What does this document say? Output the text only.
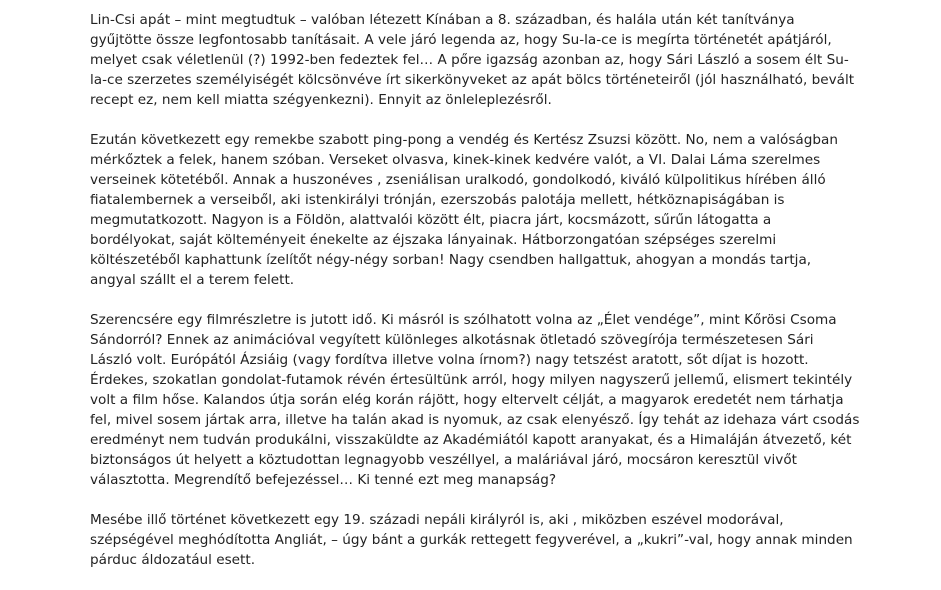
Lin-Csi apát – mint megtudtuk – valóban létezett Kínában a 8. században, és halála után két tanítványa gyűjtötte össze legfontosabb tanításait. A vele járó legenda az, hogy Su-la-ce is megírta történetét apátjáról, melyet csak véletlenül (?) 1992-ben fedeztek fel… A pőre igazság azonban az, hogy Sári László a sosem élt Su-la-ce szerzetes személyiségét kölcsönvéve írt sikerkönyveket az apát bölcs történeteiről (jól használható, bevált recept ez, nem kell miatta szégyenkezni). Ennyit az önleleplezésről.

Ezután következett egy remekbe szabott ping-pong a vendég és Kertész Zsuzsi között. No, nem a valóságban mérkőztek a felek, hanem szóban. Verseket olvasva, kinek-kinek kedvére valót, a VI. Dalai Láma szerelmes verseinek kötetéből. Annak a huszonéves , zseniálisan uralkodó, gondolkodó, kiváló külpolitikus hírében álló fiatalembernek a verseiből, aki istenkirályi trónján, ezerszobás palotája mellett, hétköznapiságában is megmutatkozott. Nagyon is a Földön, alattvalói között élt, piacra járt, kocsmázott, sűrűn látogatta a bordélyokat, saját költeményeit énekelte az éjszaka lányainak. Hátborzongatóan szépséges szerelmi költészetéből kaphattunk ízelítőt négy-négy sorban! Nagy csendben hallgattuk, ahogyan a mondás tartja, angyal szállt el a terem felett.

Szerencsére egy filmrészletre is jutott idő. Ki másról is szólhatott volna az „Élet vendége”, mint Kőrösi Csoma Sándorról? Ennek az animációval vegyített különleges alkotásnak ötletadó szövegírója természetesen Sári László volt. Európától Ázsiáig (vagy fordítva illetve volna írnom?) nagy tetszést aratott, sőt díjat is hozott. Érdekes, szokatlan gondolat-futamok révén értesültünk arról, hogy milyen nagyszerű jellemű, elismert tekintély volt a film hőse. Kalandos útja során elég korán rájött, hogy eltervelt célját, a magyarok eredetét nem tárhatja fel, mivel sosem jártak arra, illetve ha talán akad is nyomuk, az csak elenyésző. Így tehát az idehaza várt csodás eredményt nem tudván produkálni, visszaküldte az Akadémiától kapott aranyakat, és a Himaláján átvezető, két biztonságos út helyett a köztudottan legnagyobb veszéllyel, a maláriával járó, mocsáron keresztül vivőt választotta. Megrendítő befejezéssel… Ki tenné ezt meg manapság?

Mesébe illő történet következett egy 19. századi nepáli királyról is, aki , miközben eszével modorával, szépségével meghódította Angliát, – úgy bánt a gurkák rettegett fegyverével, a „kukri”-val, hogy annak minden párduc áldozatául esett.
